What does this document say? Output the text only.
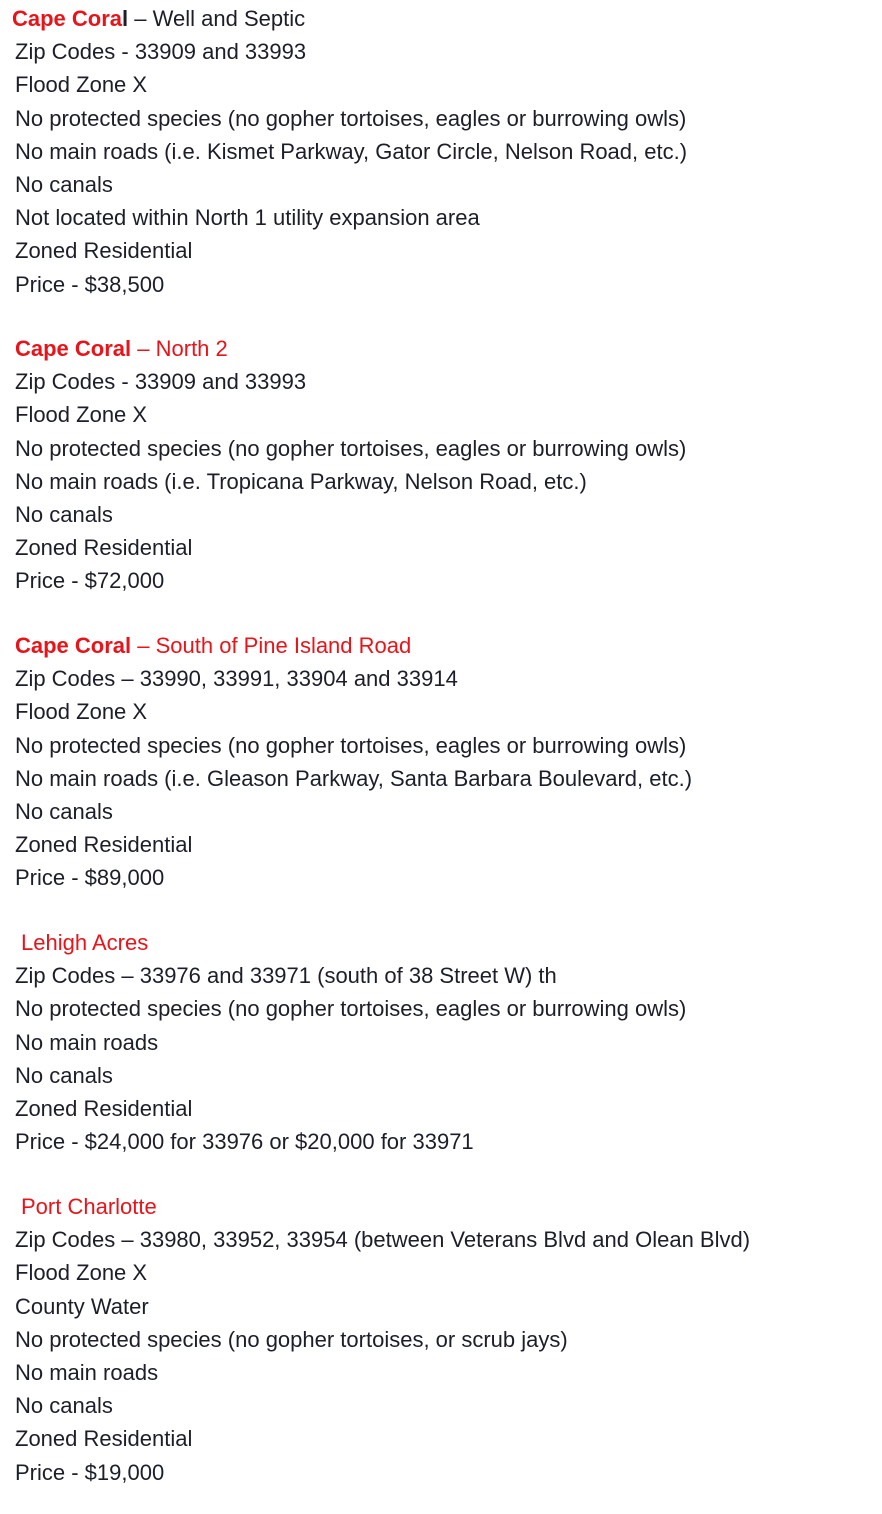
Cape Coral – Well and Septic
Zip Codes - 33909 and 33993
Flood Zone X
No protected species (no gopher tortoises, eagles or burrowing owls)
No main roads (i.e. Kismet Parkway, Gator Circle, Nelson Road, etc.)
No canals
Not located within North 1 utility expansion area
Zoned Residential
Price - $38,500
Cape Coral – North 2
Zip Codes - 33909 and 33993
Flood Zone X
No protected species (no gopher tortoises, eagles or burrowing owls)
No main roads (i.e. Tropicana Parkway, Nelson Road, etc.)
No canals
Zoned Residential
Price - $72,000
Cape Coral – South of Pine Island Road
Zip Codes – 33990, 33991, 33904 and 33914
Flood Zone X
No protected species (no gopher tortoises, eagles or burrowing owls)
No main roads (i.e. Gleason Parkway, Santa Barbara Boulevard, etc.)
No canals
Zoned Residential
Price - $89,000
Lehigh Acres
Zip Codes – 33976 and 33971 (south of 38 Street W) th
No protected species (no gopher tortoises, eagles or burrowing owls)
No main roads
No canals
Zoned Residential
Price - $24,000 for 33976 or $20,000 for 33971
Port Charlotte
Zip Codes – 33980, 33952, 33954 (between Veterans Blvd and Olean Blvd)
Flood Zone X
County Water
No protected species (no gopher tortoises, or scrub jays)
No main roads
No canals
Zoned Residential
Price - $19,000
